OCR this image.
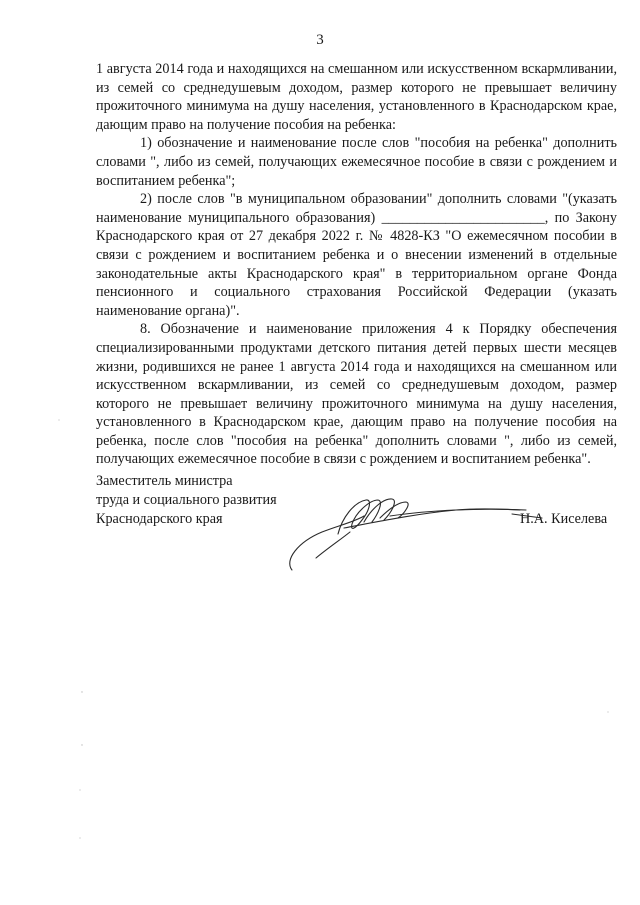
3

1 августа 2014 года и находящихся на смешанном или искусственном вскармливании, из семей со среднедушевым доходом, размер которого не превышает величину прожиточного минимума на душу населения, установленного в Краснодарском крае, дающим право на получение пособия на ребенка:

1) обозначение и наименование после слов "пособия на ребенка" дополнить словами ", либо из семей, получающих ежемесячное пособие в связи с рождением и воспитанием ребенка";

2) после слов "в муниципальном образовании" дополнить словами "(указать наименование муниципального образования) _______________________, по Закону Краснодарского края от 27 декабря 2022 г. № 4828-КЗ "О ежемесячном пособии в связи с рождением и воспитанием ребенка и о внесении изменений в отдельные законодательные акты Краснодарского края" в территориальном органе Фонда пенсионного и социального страхования Российской Федерации (указать наименование органа)".

8. Обозначение и наименование приложения 4 к Порядку обеспечения специализированными продуктами детского питания детей первых шести месяцев жизни, родившихся не ранее 1 августа 2014 года и находящихся на смешанном или искусственном вскармливании, из семей со среднедушевым доходом, размер которого не превышает величину прожиточного минимума на душу населения, установленного в Краснодарском крае, дающим право на получение пособия на ребенка, после слов "пособия на ребенка" дополнить словами ", либо из семей, получающих ежемесячное пособие в связи с рождением и воспитанием ребенка".

Заместитель министра
труда и социального развития
Краснодарского края	Н.А. Киселева
